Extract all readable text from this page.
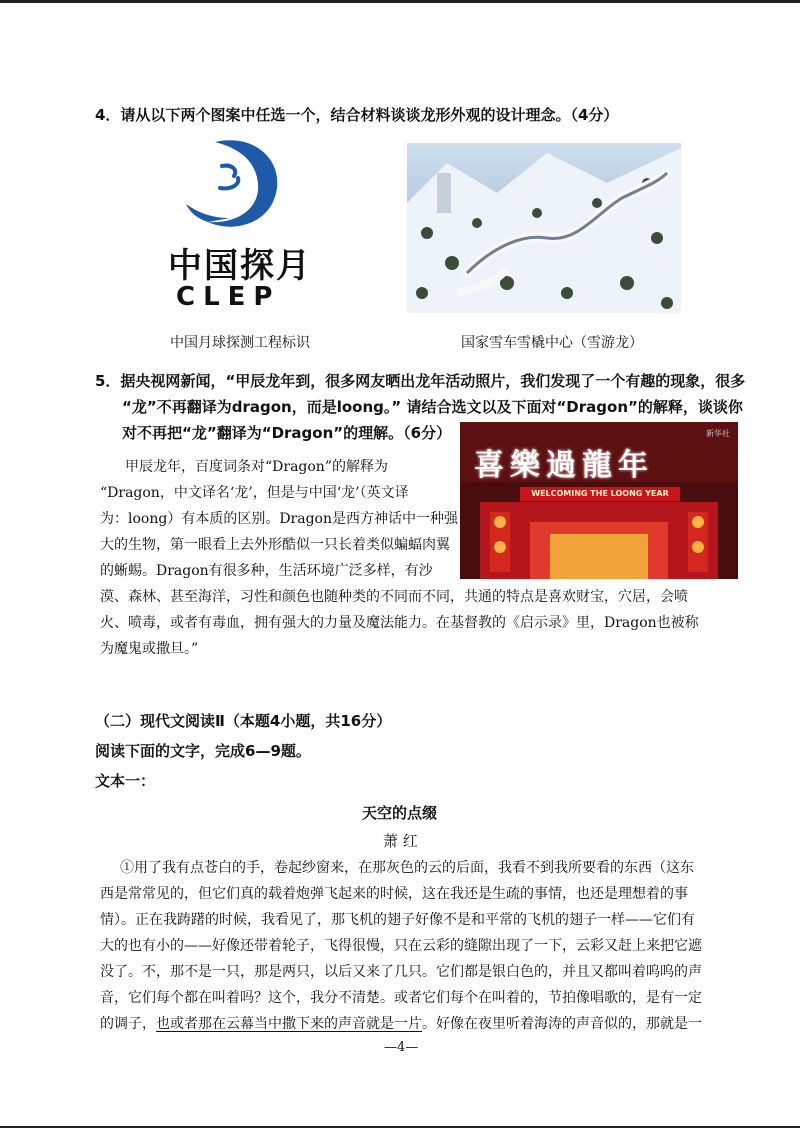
4．请从以下两个图案中任选一个，结合材料谈谈龙形外观的设计理念。（4分）
中国探月
CLEP
中国月球探测工程标识	国家雪车雪橇中心（雪游龙）
5．据央视网新闻，“甲辰龙年到，很多网友晒出龙年活动照片，我们发现了一个有趣的现象，很多
“龙”不再翻译为dragon，而是loong。” 请结合选文以及下面对“Dragon”的解释，谈谈你
对不再把“龙”翻译为“Dragon”的理解。（6分）	新华社
喜樂過龍年
WELCOMING THE LOONG YEAR
甲辰龙年，百度词条对“Dragon”的解释为
“Dragon，中文译名‘龙’，但是与中国‘龙’（英文译
为：loong）有本质的区别。Dragon是西方神话中一种强
大的生物，第一眼看上去外形酷似一只长着类似蝙蝠肉翼
的蜥蜴。Dragon有很多种，生活环境广泛多样，有沙
漠、森林、甚至海洋，习性和颜色也随种类的不同而不同，共通的特点是喜欢财宝，穴居，会喷
火、喷毒，或者有毒血，拥有强大的力量及魔法能力。在基督教的《启示录》里，Dragon也被称
为魔鬼或撒旦。”
（二）现代文阅读Ⅱ（本题4小题，共16分）
阅读下面的文字，完成6—9题。
文本一：
天空的点缀
萧 红
①用了我有点苍白的手，卷起纱窗来，在那灰色的云的后面，我看不到我所要看的东西（这东
西是常常见的，但它们真的载着炮弹飞起来的时候，这在我还是生疏的事情，也还是理想着的事
情）。正在我踌躇的时候，我看见了，那飞机的翅子好像不是和平常的飞机的翅子一样——它们有
大的也有小的——好像还带着轮子，飞得很慢，只在云彩的缝隙出现了一下，云彩又赶上来把它遮
没了。不，那不是一只，那是两只，以后又来了几只。它们都是银白色的，并且又都叫着呜呜的声
音，它们每个都在叫着吗？这个，我分不清楚。或者它们每个在叫着的，节拍像唱歌的，是有一定
的调子，也或者那在云幕当中撒下来的声音就是一片。好像在夜里听着海涛的声音似的，那就是一
—4—
